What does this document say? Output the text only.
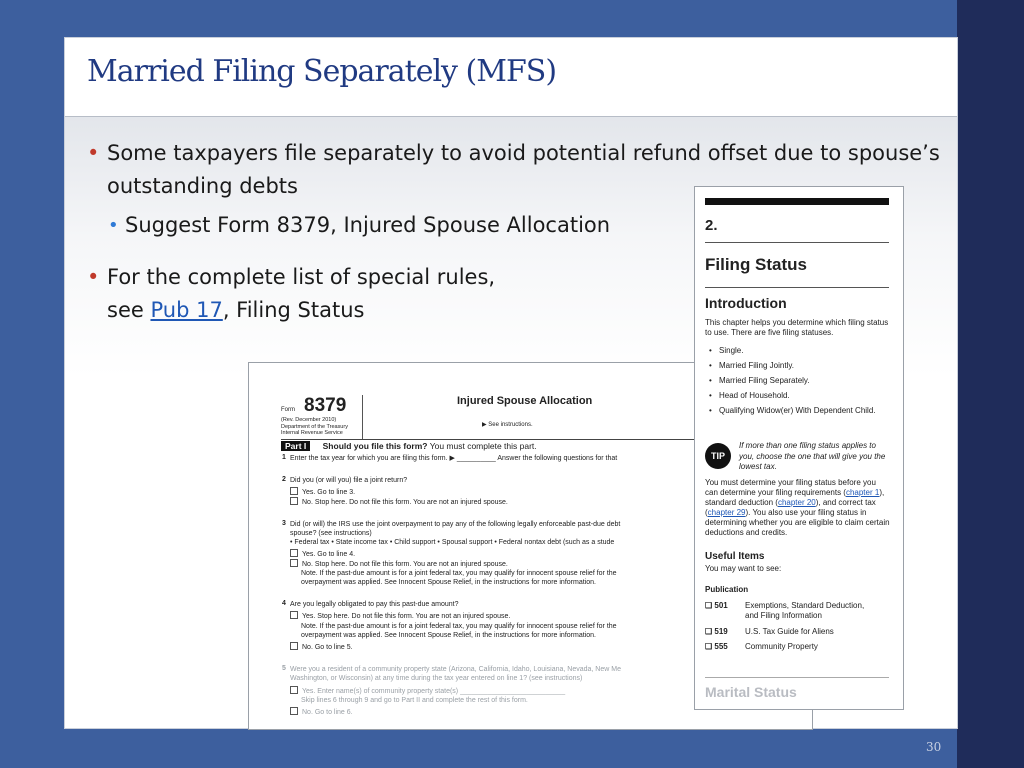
Married Filing Separately (MFS)
• Some taxpayers file separately to avoid potential refund offset due to spouse’s outstanding debts
• Suggest Form 8379, Injured Spouse Allocation
• For the complete list of special rules,
see Pub 17, Filing Status
Form 8379
(Rev. December 2010)
Department of the Treasury
Internal Revenue Service
Injured Spouse Allocation
▶ See instructions.
Part I Should you file this form? You must complete this part.
1 Enter the tax year for which you are filing this form. ▶ __________ Answer the following questions for that
2 Did you (or will you) file a joint return?
Yes. Go to line 3.
No. Stop here. Do not file this form. You are not an injured spouse.
3 Did (or will) the IRS use the joint overpayment to pay any of the following legally enforceable past-due debt
spouse? (see instructions)
• Federal tax • State income tax • Child support • Spousal support • Federal nontax debt (such as a stude
Yes. Go to line 4.
No. Stop here. Do not file this form. You are not an injured spouse.
Note. If the past-due amount is for a joint federal tax, you may qualify for innocent spouse relief for the
overpayment was applied. See Innocent Spouse Relief, in the instructions for more information.
4 Are you legally obligated to pay this past-due amount?
Yes. Stop here. Do not file this form. You are not an injured spouse.
Note. If the past-due amount is for a joint federal tax, you may qualify for innocent spouse relief for the
overpayment was applied. See Innocent Spouse Relief, in the instructions for more information.
No. Go to line 5.
5 Were you a resident of a community property state (Arizona, California, Idaho, Louisiana, Nevada, New Me
Washington, or Wisconsin) at any time during the tax year entered on line 1? (see instructions)
Yes. Enter name(s) of community property state(s) ___________________________
Skip lines 6 through 9 and go to Part II and complete the rest of this form.
No. Go to line 6.
2.
Filing Status
Introduction
This chapter helps you determine which filing status to use. There are five filing statuses.
• Single.
• Married Filing Jointly.
• Married Filing Separately.
• Head of Household.
• Qualifying Widow(er) With Dependent Child.
TIP
If more than one filing status applies to you, choose the one that will give you the lowest tax.
You must determine your filing status before you can determine your filing requirements (chapter 1), standard deduction (chapter 20), and correct tax (chapter 29). You also use your filing status in determining whether you are eligible to claim certain deductions and credits.
Useful Items
You may want to see:
Publication
❑ 501 Exemptions, Standard Deduction,
and Filing Information
❑ 519 U.S. Tax Guide for Aliens
❑ 555 Community Property
Marital Status
30
